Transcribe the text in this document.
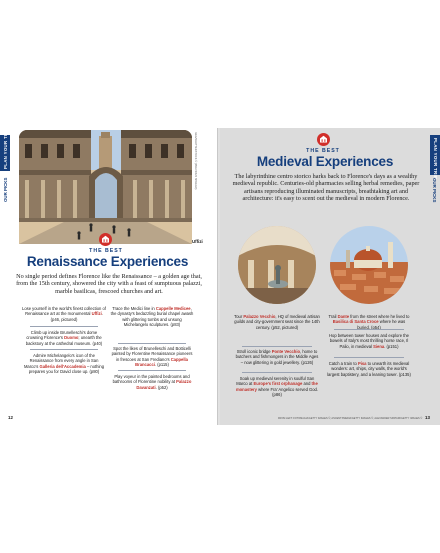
PLAN YOUR TRIP
OUR PICKS
ILEA/SHUTTERSTOCK © (PREVIOUS SPREAD)
Uffizi
THE BEST
Renaissance Experiences
No single period defines Florence like the Renaissance – a golden age that, from the 15th century, showered the city with a feast of sumptuous palazzi, marble basilicas, frescoed churches and art.
Lose yourself in the world's finest collection of Renaissance art at the monumental Uffizi. (p46, pictured)
Trace the Medici line in Cappelle Medicee, the dynasty's bedazzling burial chapel awash with glittering tombs and unsung Michelangelo sculptures. (p83)
Climb up inside Brunelleschi's dome crowning Florence's Duomo; unearth the backstory at the cathedral museum. (p40)
Spot the likes of Brunelleschi and Botticelli painted by Florentine Renaissance pioneers in frescoes at San Frediano's Cappella Brancacci. (p115)
Admire Michelangelo's icon of the Renaissance from every angle in San Marco's Galleria dell'Accademia – nothing prepares you for David close up. (p80)
Play voyeur in the painted bedrooms and bathrooms of Florentine nobility at Palazzo Davanzati. (p52)
12
PLAN YOUR TRIP
OUR PICKS
THE BEST
Medieval Experiences
The labyrinthine centro storico harks back to Florence's days as a wealthy medieval republic. Centuries-old pharmacies selling herbal remedies, paper artisans reproducing illuminated manuscripts, breathtaking art and architecture: it's easy to scent out the medieval in modern Florence.
Tour Palazzo Vecchio, HQ of medieval artisan guilds and city-government seat since the 14th century. (p52, pictured)
Trail Dante from the street where he lived to Basilica di Santa Croce where he was buried. (p54)
Stroll iconic bridge Ponte Vecchio, home to butchers and fishmongers in the Middle Ages – now glittering in gold jewellery. (p126)
Hop between tower houses and explore the bowels of Italy's most thrilling horse race, Il Palio, in medieval Siena. (p151)
Soak up medieval serenity in soulful San Marco at Europe's first orphanage and the monastery where Fra' Angelico served God. (p86)
Catch a train to Pisa to unearth its medieval wonders: art, ships, city walls, the world's largest baptistery, and a leaning tower. (p135)
FROM LEFT: FOTOMAGIA/GETTY IMAGES ©; ASCENTXMEDIA/GETTY IMAGES ©; ALEXANDER SPATARI/GETTY IMAGES © 13
